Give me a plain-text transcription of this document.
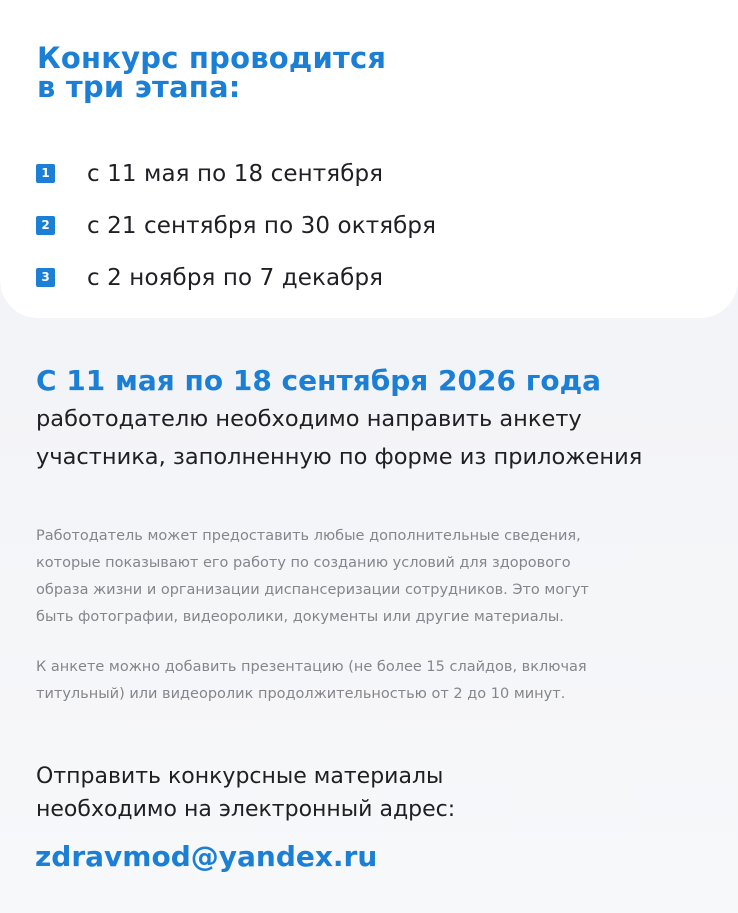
Конкурс проводится
в три этапа:
1 с 11 мая по 18 сентября
2 с 21 сентября по 30 октября
3 с 2 ноября по 7 декабря
С 11 мая по 18 сентября 2026 года

работодателю необходимо направить анкету
участника, заполненную по форме из приложения

Работодатель может предоставить любые дополнительные сведения,
которые показывают его работу по созданию условий для здорового
образа жизни и организации диспансеризации сотрудников. Это могут
быть фотографии, видеоролики, документы или другие материалы.

К анкете можно добавить презентацию (не более 15 слайдов, включая
титульный) или видеоролик продолжительностью от 2 до 10 минут.

Отправить конкурсные материалы
необходимо на электронный адрес:

zdravmod@yandex.ru
